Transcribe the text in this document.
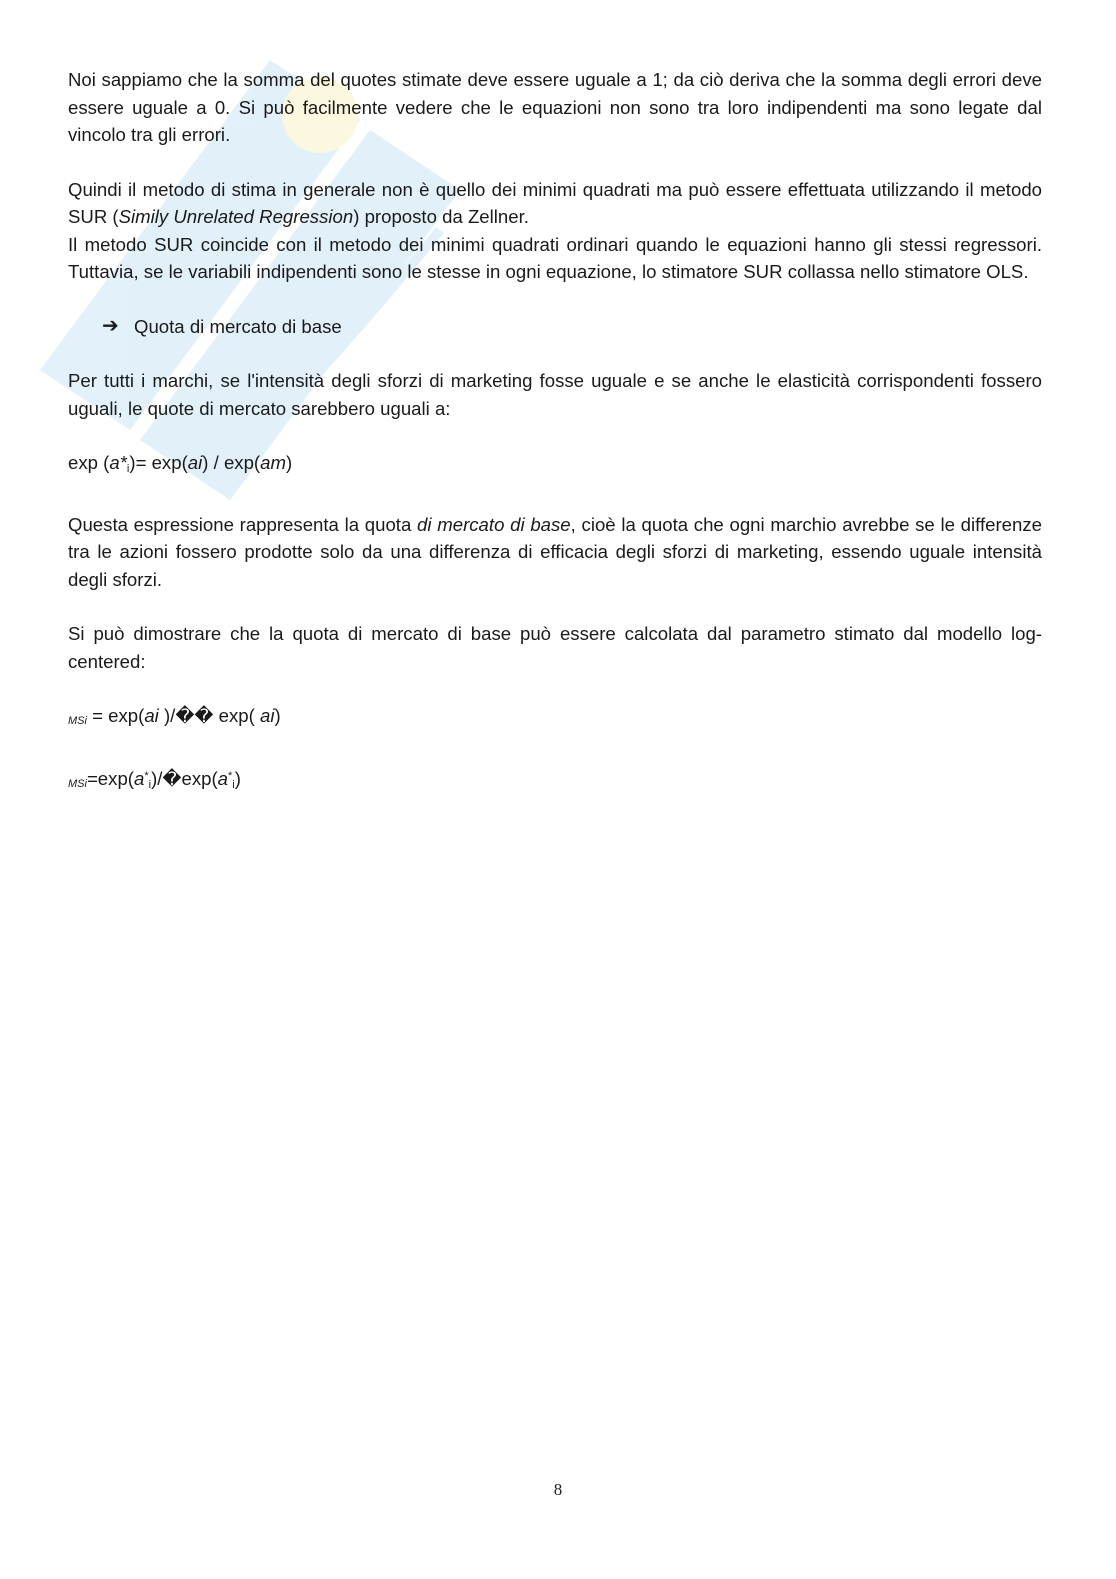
Noi sappiamo che la somma del quotes stimate deve essere uguale a 1; da ciò deriva che la somma degli errori deve essere uguale a 0. Si può facilmente vedere che le equazioni non sono tra loro indipendenti ma sono legate dal vincolo tra gli errori.

Quindi il metodo di stima in generale non è quello dei minimi quadrati ma può essere effettuata utilizzando il metodo SUR (Simily Unrelated Regression) proposto da Zellner.

Il metodo SUR coincide con il metodo dei minimi quadrati ordinari quando le equazioni hanno gli stessi regressori. Tuttavia, se le variabili indipendenti sono le stesse in ogni equazione, lo stimatore SUR collassa nello stimatore OLS.

➔ Quota di mercato di base

Per tutti i marchi, se l'intensità degli sforzi di marketing fosse uguale e se anche le elasticità corrispondenti fossero uguali, le quote di mercato sarebbero uguali a:

$\exp (a*_i)= \exp(ai) / \exp(am)$

Questa espressione rappresenta la quota di mercato di base, cioè la quota che ogni marchio avrebbe se le differenze tra le azioni fossero prodotte solo da una differenza di efficacia degli sforzi di marketing, essendo uguale intensità degli sforzi.

Si può dimostrare che la quota di mercato di base può essere calcolata dal parametro stimato dal modello log-centered:

$_{MSi}$ = exp(ai )/�� exp( ai)

$_{MSi}=\exp(a^*_i)/�\exp(a^*_i)$

8
